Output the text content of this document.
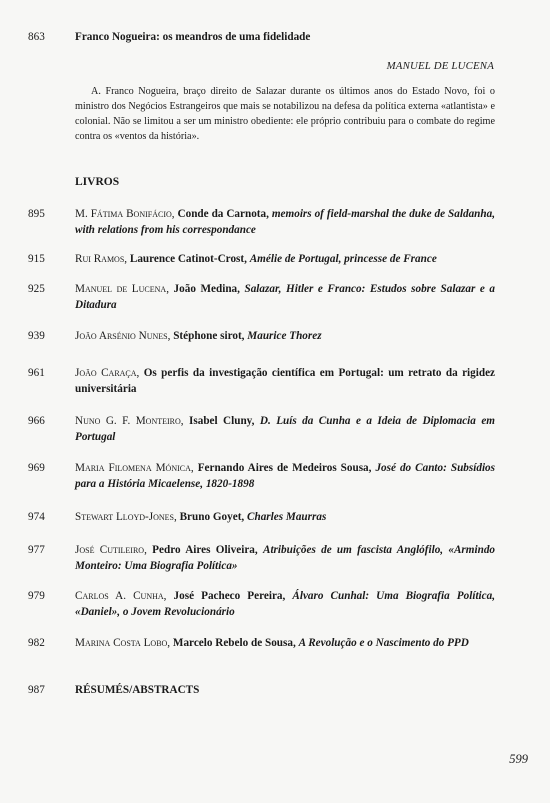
863	Franco Nogueira: os meandros de uma fidelidade
MANUEL DE LUCENA
A. Franco Nogueira, braço direito de Salazar durante os últimos anos do Estado Novo, foi o ministro dos Negócios Estrangeiros que mais se notabilizou na defesa da política externa «atlantista» e colonial. Não se limitou a ser um ministro obediente: ele próprio contribuiu para o combate do regime contra os «ventos da história».
LIVROS
895	M. Fátima Bonifácio, Conde da Carnota, memoirs of field-marshal the duke de Saldanha, with relations from his correspondance
915	Rui Ramos, Laurence Catinot-Crost, Amélie de Portugal, princesse de France
925	Manuel de Lucena, João Medina, Salazar, Hitler e Franco: Estudos sobre Salazar e a Ditadura
939	João Arsénio Nunes, Stéphone sirot, Maurice Thorez
961	João Caraça, Os perfis da investigação científica em Portugal: um retrato da rigidez universitária
966	Nuno G. F. Monteiro, Isabel Cluny, D. Luís da Cunha e a Ideia de Diplomacia em Portugal
969	Maria Filomena Mónica, Fernando Aires de Medeiros Sousa, José do Canto: Subsídios para a História Micaelense, 1820-1898
974	Stewart Lloyd-Jones, Bruno Goyet, Charles Maurras
977	José Cutileiro, Pedro Aires Oliveira, Atribuições de um fascista Anglófilo, «Armindo Monteiro: Uma Biografia Política»
979	Carlos A. Cunha, José Pacheco Pereira, Álvaro Cunhal: Uma Biografia Política, «Daniel», o Jovem Revolucionário
982	Marina Costa Lobo, Marcelo Rebelo de Sousa, A Revolução e o Nascimento do PPD
987	RÉSUMÉS/ABSTRACTS
599
